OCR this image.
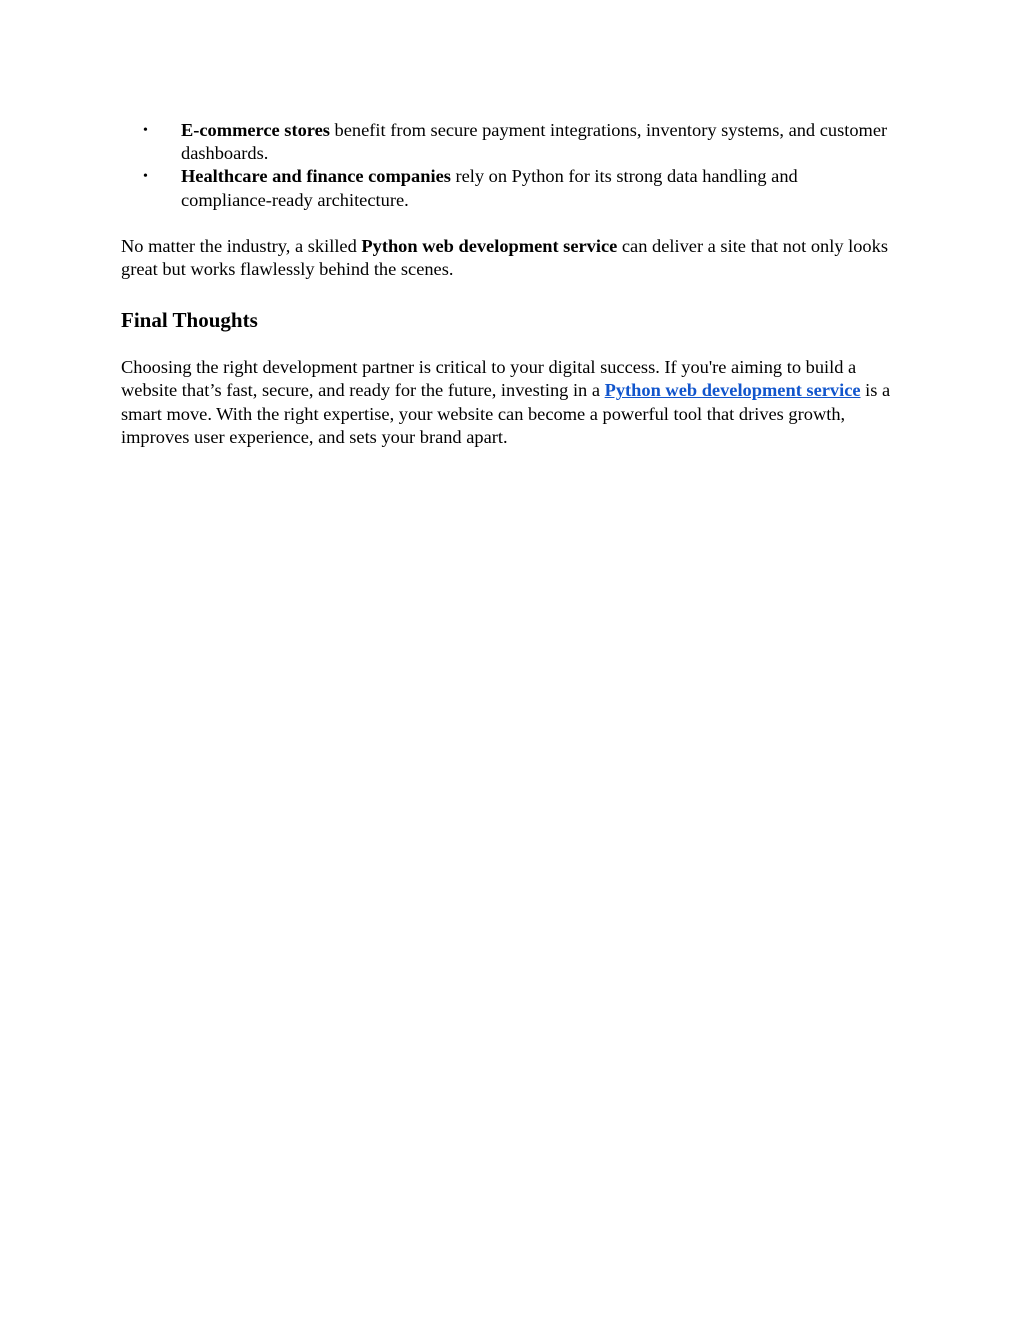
• E-commerce stores benefit from secure payment integrations, inventory systems, and customer dashboards.
• Healthcare and finance companies rely on Python for its strong data handling and compliance-ready architecture.

No matter the industry, a skilled Python web development service can deliver a site that not only looks great but works flawlessly behind the scenes.

Final Thoughts

Choosing the right development partner is critical to your digital success. If you're aiming to build a website that’s fast, secure, and ready for the future, investing in a Python web development service is a smart move. With the right expertise, your website can become a powerful tool that drives growth, improves user experience, and sets your brand apart.
